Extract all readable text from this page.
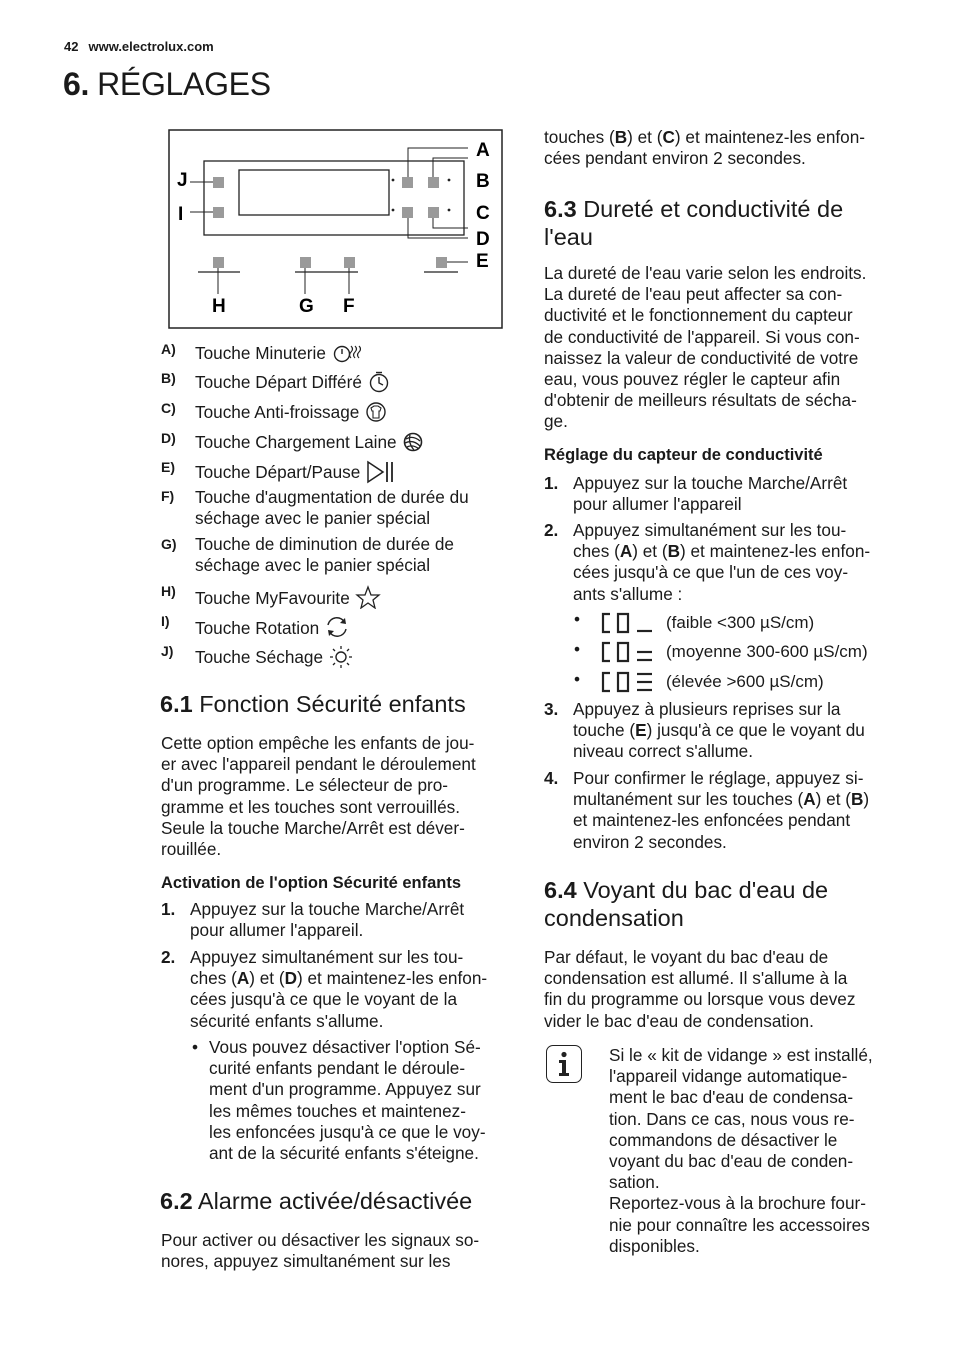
42 www.electrolux.com
6. RÉGLAGES
A
B
C
D
E
J
I
H	G F
A) Touche Minuterie
B) Touche Départ Différé
C) Touche Anti-froissage
D) Touche Chargement Laine
E) Touche Départ/Pause
F) Touche d'augmentation de durée du
séchage avec le panier spécial
G) Touche de diminution de durée de
séchage avec le panier spécial
H) Touche MyFavourite
I) Touche Rotation
J) Touche Séchage
6.1 Fonction Sécurité enfants
Cette option empêche les enfants de jou-
er avec l'appareil pendant le déroulement
d'un programme. Le sélecteur de pro-
gramme et les touches sont verrouillés.
Seule la touche Marche/Arrêt est déver-
rouillée.
Activation de l'option Sécurité enfants
1. Appuyez sur la touche Marche/Arrêt
pour allumer l'appareil.
2. Appuyez simultanément sur les tou-
ches (A) et (D) et maintenez-les enfon-
cées jusqu'à ce que le voyant de la
sécurité enfants s'allume.
• Vous pouvez désactiver l'option Sé-
curité enfants pendant le déroule-
ment d'un programme. Appuyez sur
les mêmes touches et maintenez-
les enfoncées jusqu'à ce que le voy-
ant de la sécurité enfants s'éteigne.
6.2 Alarme activée/désactivée
Pour activer ou désactiver les signaux so-
nores, appuyez simultanément sur les
touches (B) et (C) et maintenez-les enfon-
cées pendant environ 2 secondes.
6.3 Dureté et conductivité de
l'eau
La dureté de l'eau varie selon les endroits.
La dureté de l'eau peut affecter sa con-
ductivité et le fonctionnement du capteur
de conductivité de l'appareil. Si vous con-
naissez la valeur de conductivité de votre
eau, vous pouvez régler le capteur afin
d'obtenir de meilleurs résultats de sécha-
ge.
Réglage du capteur de conductivité
1. Appuyez sur la touche Marche/Arrêt
pour allumer l'appareil
2. Appuyez simultanément sur les tou-
ches (A) et (B) et maintenez-les enfon-
cées jusqu'à ce que l'un de ces voy-
ants s'allume :
•	(faible <300 µS/cm)
•	(moyenne 300-600 µS/cm)
•	(élevée >600 µS/cm)
3. Appuyez à plusieurs reprises sur la
touche (E) jusqu'à ce que le voyant du
niveau correct s'allume.
4. Pour confirmer le réglage, appuyez si-
multanément sur les touches (A) et (B)
et maintenez-les enfoncées pendant
environ 2 secondes.
6.4 Voyant du bac d'eau de
condensation
Par défaut, le voyant du bac d'eau de
condensation est allumé. Il s'allume à la
fin du programme ou lorsque vous devez
vider le bac d'eau de condensation.
Si le « kit de vidange » est installé,
l'appareil vidange automatique-
ment le bac d'eau de condensa-
tion. Dans ce cas, nous vous re-
commandons de désactiver le
voyant du bac d'eau de conden-
sation.
Reportez-vous à la brochure four-
nie pour connaître les accessoires
disponibles.
